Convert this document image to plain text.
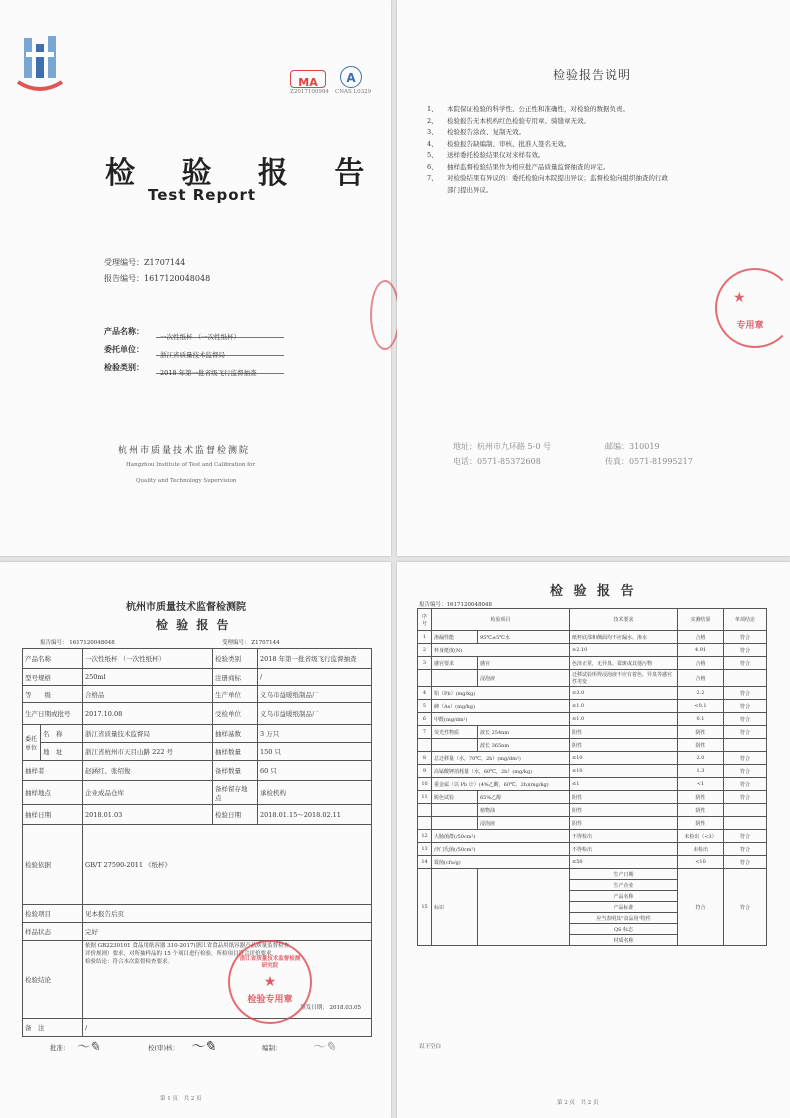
MA
Z2017100994
A
CNAS L0329
检 验 报 告
Test Report
受理编号：Z1707144
报告编号：1617120048048
产品名称：
一次性纸杯 （一次性纸杯）
委托单位：
浙江省质量技术监督局
检验类别：
2018 年第一批省级飞行监督抽查
杭州市质量技术监督检测院
Hangzhou Institute of Test and Calibration for
Quality and Technology Supervision
检验报告说明
1、 本院保证检验的科学性、公正性和准确性，对检验的数据负责。
2、 检验报告无本机构红色检验专用章、骑缝章无效。
3、 检验报告涂改、复制无效。
4、 检验报告缺编制、审核、批准人签名无效。
5、 送样委托检验结果仅对来样有效。
6、 抽样监督检验结果作为相应批产品质量监督抽查的评定。
7、 对检验结果有异议的：委托检验向本院提出异议；监督检验向组织抽查的行政
部门提出异议。
专用章
★
地址：杭州市九环路 5-0 号	邮编：310019
电话：0571-85372608	传真：0571-81995217
杭州市质量技术监督检测院
检 验 报 告
报告编号： 1617120048048	受理编号： Z1707144
产品名称		一次性纸杯 （一次性纸杯）	检验类别	2018 年第一批省级飞行监督抽查
型号规格		250ml	注册商标	/
等　　级		合格品	生产单位	义乌市益暖纸制品厂
生产日期或批号		2017.10.08	受检单位	义乌市益暖纸制品厂
委托单位	名　称	浙江省质量技术监督局	抽样基数	3 万只
	地　址	浙江省杭州市天目山路 222 号	抽样数量	150 只
抽样者		赵涵红、张绍俊	备样数量	60 只
抽样地点		企业成品仓库	备样留存地　点	承检机构
抽样日期		2018.01.03	检验日期	2018.01.15～2018.02.11
检验依据		GB/T 27590-2011 《纸杯》		
检验项目		见本报告后页		
样品状态		完好		
检验结论		依据 GB2230101 食品用纸容器 310-2017(浙江省食品用纸容器产品质量监督检查
评价规则）要求，对所抽样品的 15 个项目进行检验，所检项目符合评价要求。
检验结论：符合本次监督检查要求。
签发日期： 2018.03.05		

备　注		/		
浙江省质量技术监督检测研究院
★
检验专用章
批准： 〜✎	校(审)核： 〜✎	编制： 〜✎
第 1 页　共 2 页
检 验 报 告
报告编号：1617120048048
序号	检验项目		技术要求	实测结果	单项结论
1	渗漏性能	95℃±5℃水	纸杯底部和侧面均不应漏水、渗水	合格	符合
2	杯身挺度(N)		≥2.10	4.91	符合
3	感官要求	感官	色泽正常，无异臭、霉斑或其他污物	合格	符合
		浸泡液	迁移试验所得浸泡液不应有着色、异臭等感官性劣变	合格	
4	铅（Pb）(mg/kg)		≤3.0	2.2	符合
5	砷（As）(mg/kg)		≤1.0	<0.1	符合
6	甲醛(mg/dm²)		≤1.0	0.1	符合
7	荧光性物质	波长 254nm	阴性	阴性	符合
		波长 365nm	阴性	阴性	
8	总迁移量（水，70℃，2h）(mg/dm²)		≤10	2.0	符合
9	高锰酸钾消耗量（水，60℃，2h）(mg/kg)		≤10	1.3	符合
10	重金属（以 Pb 计）(4%乙酸，60℃，2h)(mg/kg)		≤1	<1	符合
11	脱色试验	65%乙醇	阴性	阴性	符合
		植物油	阴性	阴性	
		浸泡液	阴性	阴性	
12	大肠菌群(/50cm²)		不得检出	未检出（<3）	符合
13	沙门氏菌(/50cm²)		不得检出	未检出	符合
14	霉菌(cfu/g)		≤50	<10	符合
15	标识		生产日期	符合	符合
			生产企业		
			产品名称		
			产品标准		
			应当表明其"食品用"特性		
			QS 标志		
			材质名称		
以下空白
第 2 页　共 2 页
